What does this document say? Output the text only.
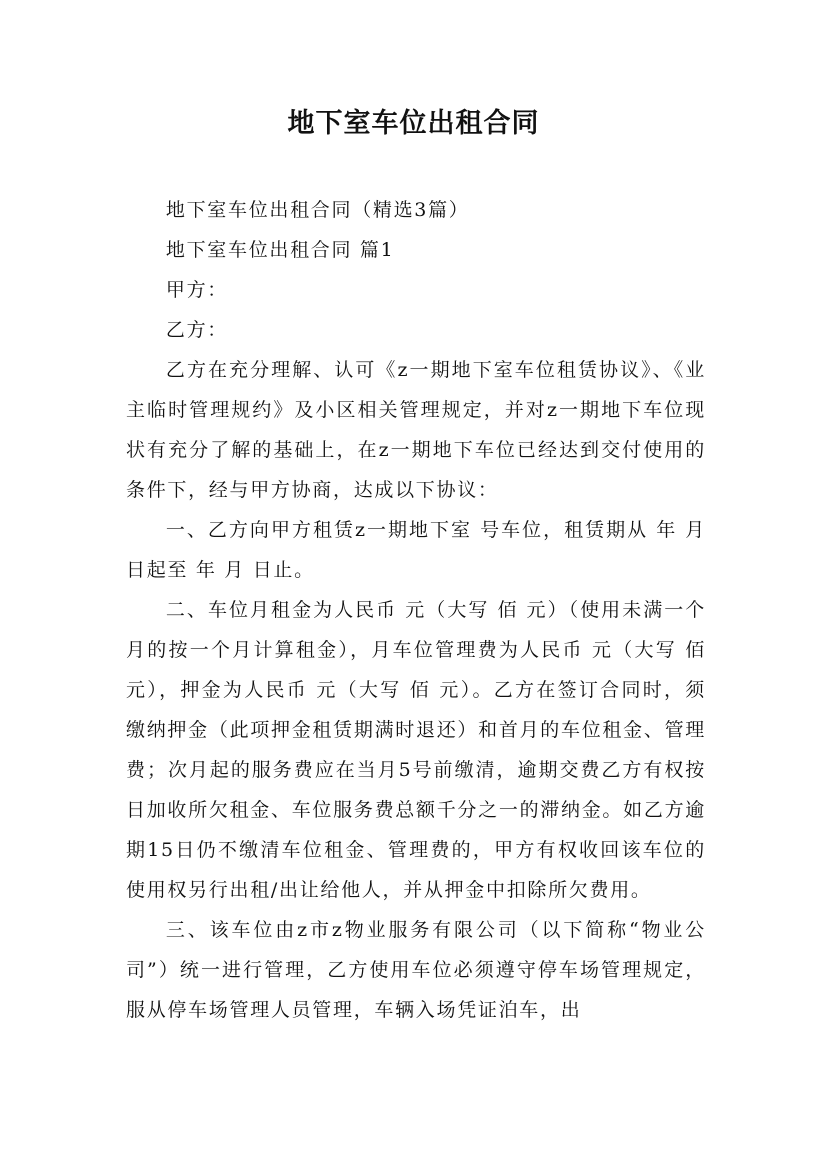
地下室车位出租合同

地下室车位出租合同（精选3篇）

地下室车位出租合同 篇1

甲方：

乙方：

乙方在充分理解、认可《z一期地下室车位租赁协议》、《业主临时管理规约》及小区相关管理规定，并对z一期地下车位现状有充分了解的基础上，在z一期地下车位已经达到交付使用的条件下，经与甲方协商，达成以下协议：

一、乙方向甲方租赁z一期地下室 号车位，租赁期从 年 月 日起至 年 月 日止。

二、车位月租金为人民币 元（大写 佰 元）（使用未满一个月的按一个月计算租金），月车位管理费为人民币 元（大写 佰 元），押金为人民币 元（大写 佰 元）。乙方在签订合同时，须缴纳押金（此项押金租赁期满时退还）和首月的车位租金、管理费；次月起的服务费应在当月5号前缴清，逾期交费乙方有权按日加收所欠租金、车位服务费总额千分之一的滞纳金。如乙方逾期15日仍不缴清车位租金、管理费的，甲方有权收回该车位的使用权另行出租/出让给他人，并从押金中扣除所欠费用。

三、该车位由z市z物业服务有限公司（以下简称“物业公司”）统一进行管理，乙方使用车位必须遵守停车场管理规定，服从停车场管理人员管理，车辆入场凭证泊车，出
